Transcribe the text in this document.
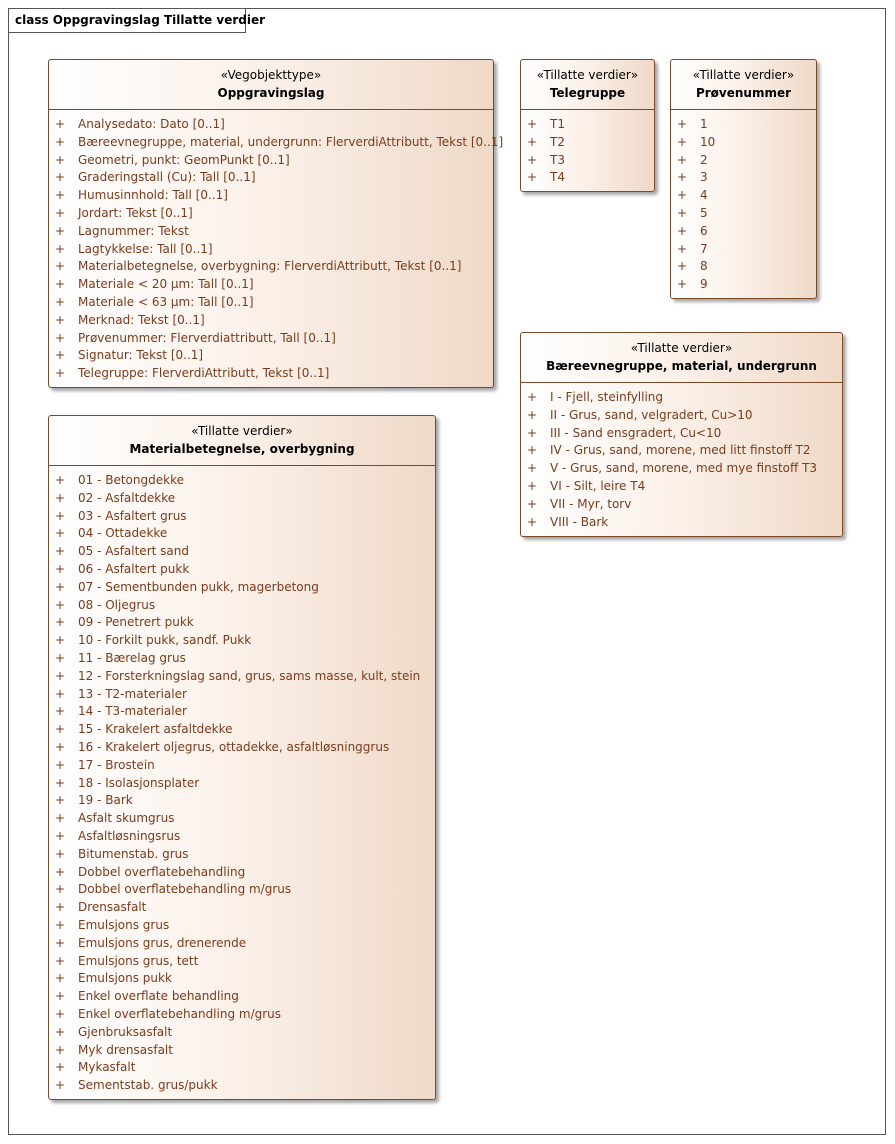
class Oppgravingslag Tillatte verdier
«Vegobjekttype»
Oppgravingslag
+ Analysedato: Dato [0..1]
+ Bæreevnegruppe, material, undergrunn: FlerverdiAttributt, Tekst [0..1]
+ Geometri, punkt: GeomPunkt [0..1]
+ Graderingstall (Cu): Tall [0..1]
+ Humusinnhold: Tall [0..1]
+ Jordart: Tekst [0..1]
+ Lagnummer: Tekst
+ Lagtykkelse: Tall [0..1]
+ Materialbetegnelse, overbygning: FlerverdiAttributt, Tekst [0..1]
+ Materiale < 20 µm: Tall [0..1]
+ Materiale < 63 µm: Tall [0..1]
+ Merknad: Tekst [0..1]
+ Prøvenummer: Flerverdiattributt, Tall [0..1]
+ Signatur: Tekst [0..1]
+ Telegruppe: FlerverdiAttributt, Tekst [0..1]
«Tillatte verdier»
Telegruppe
+ T1
+ T2
+ T3
+ T4
«Tillatte verdier»
Prøvenummer
+ 1
+ 10
+ 2
+ 3
+ 4
+ 5
+ 6
+ 7
+ 8
+ 9
«Tillatte verdier»
Bæreevnegruppe, material, undergrunn
+ I - Fjell, steinfylling
+ II - Grus, sand, velgradert, Cu>10
+ III - Sand ensgradert, Cu<10
+ IV - Grus, sand, morene, med litt finstoff T2
+ V - Grus, sand, morene, med mye finstoff T3
+ VI - Silt, leire T4
+ VII - Myr, torv
+ VIII - Bark
«Tillatte verdier»
Materialbetegnelse, overbygning
+ 01 - Betongdekke
+ 02 - Asfaltdekke
+ 03 - Asfaltert grus
+ 04 - Ottadekke
+ 05 - Asfaltert sand
+ 06 - Asfaltert pukk
+ 07 - Sementbunden pukk, magerbetong
+ 08 - Oljegrus
+ 09 - Penetrert pukk
+ 10 - Forkilt pukk, sandf. Pukk
+ 11 - Bærelag grus
+ 12 - Forsterkningslag sand, grus, sams masse, kult, stein
+ 13 - T2-materialer
+ 14 - T3-materialer
+ 15 - Krakelert asfaltdekke
+ 16 - Krakelert oljegrus, ottadekke, asfaltløsninggrus
+ 17 - Brostein
+ 18 - Isolasjonsplater
+ 19 - Bark
+ Asfalt skumgrus
+ Asfaltløsningsrus
+ Bitumenstab. grus
+ Dobbel overflatebehandling
+ Dobbel overflatebehandling m/grus
+ Drensasfalt
+ Emulsjons grus
+ Emulsjons grus, drenerende
+ Emulsjons grus, tett
+ Emulsjons pukk
+ Enkel overflate behandling
+ Enkel overflatebehandling m/grus
+ Gjenbruksasfalt
+ Myk drensasfalt
+ Mykasfalt
+ Sementstab. grus/pukk
